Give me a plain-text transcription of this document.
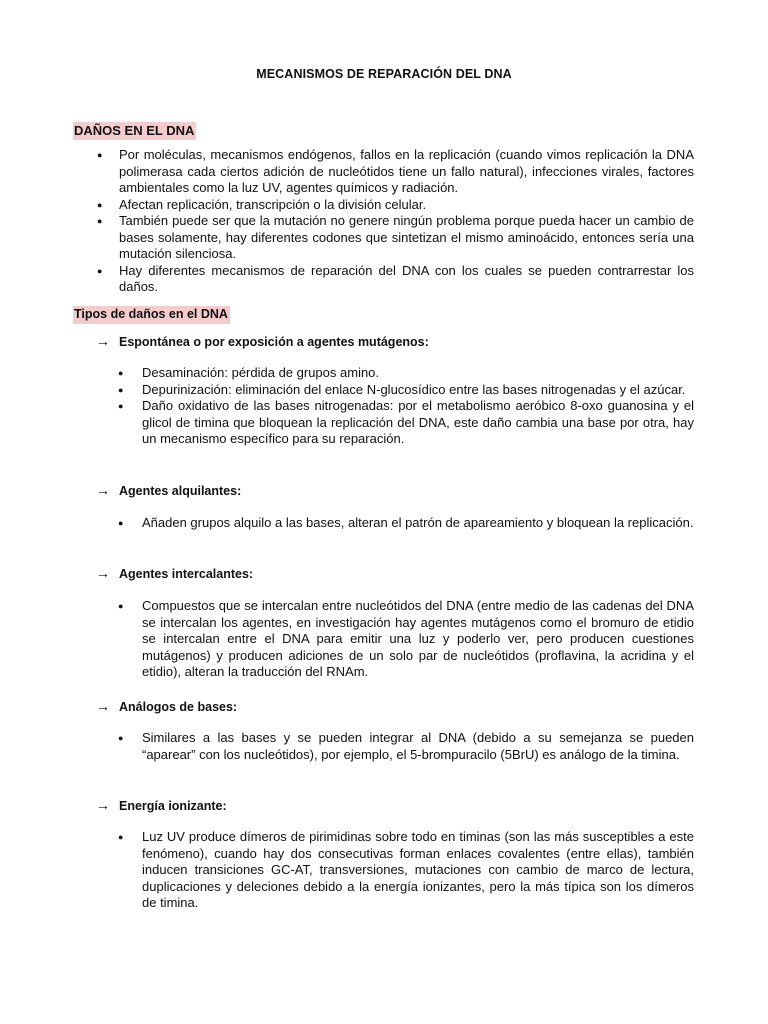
MECANISMOS DE REPARACIÓN DEL DNA
DAÑOS EN EL DNA
● Por moléculas, mecanismos endógenos, fallos en la replicación (cuando vimos replicación la DNA polimerasa cada ciertos adición de nucleótidos tiene un fallo natural), infecciones virales, factores ambientales como la luz UV, agentes químicos y radiación.
● Afectan replicación, transcripción o la división celular.
● También puede ser que la mutación no genere ningún problema porque pueda hacer un cambio de bases solamente, hay diferentes codones que sintetizan el mismo aminoácido, entonces sería una mutación silenciosa.
● Hay diferentes mecanismos de reparación del DNA con los cuales se pueden contrarrestar los daños.
Tipos de daños en el DNA
→ Espontánea o por exposición a agentes mutágenos:
● Desaminación: pérdida de grupos amino.
● Depurinización: eliminación del enlace N-glucosídico entre las bases nitrogenadas y el azúcar.
● Daño oxidativo de las bases nitrogenadas: por el metabolismo aeróbico 8-oxo guanosina y el glicol de timina que bloquean la replicación del DNA, este daño cambia una base por otra, hay un mecanismo específico para su reparación.
→ Agentes alquilantes:
● Añaden grupos alquilo a las bases, alteran el patrón de apareamiento y bloquean la replicación.
→ Agentes intercalantes:
● Compuestos que se intercalan entre nucleótidos del DNA (entre medio de las cadenas del DNA se intercalan los agentes, en investigación hay agentes mutágenos como el bromuro de etidio se intercalan entre el DNA para emitir una luz y poderlo ver, pero producen cuestiones mutágenos) y producen adiciones de un solo par de nucleótidos (proflavina, la acridina y el etidio), alteran la traducción del RNAm.
→ Análogos de bases:
● Similares a las bases y se pueden integrar al DNA (debido a su semejanza se pueden “aparear” con los nucleótidos), por ejemplo, el 5-brompuracilo (5BrU) es análogo de la timina.
→ Energía ionizante:
● Luz UV produce dímeros de pirimidinas sobre todo en timinas (son las más susceptibles a este fenómeno), cuando hay dos consecutivas forman enlaces covalentes (entre ellas), también inducen transiciones GC-AT, transversiones, mutaciones con cambio de marco de lectura, duplicaciones y deleciones debido a la energía ionizantes, pero la más típica son los dímeros de timina.
